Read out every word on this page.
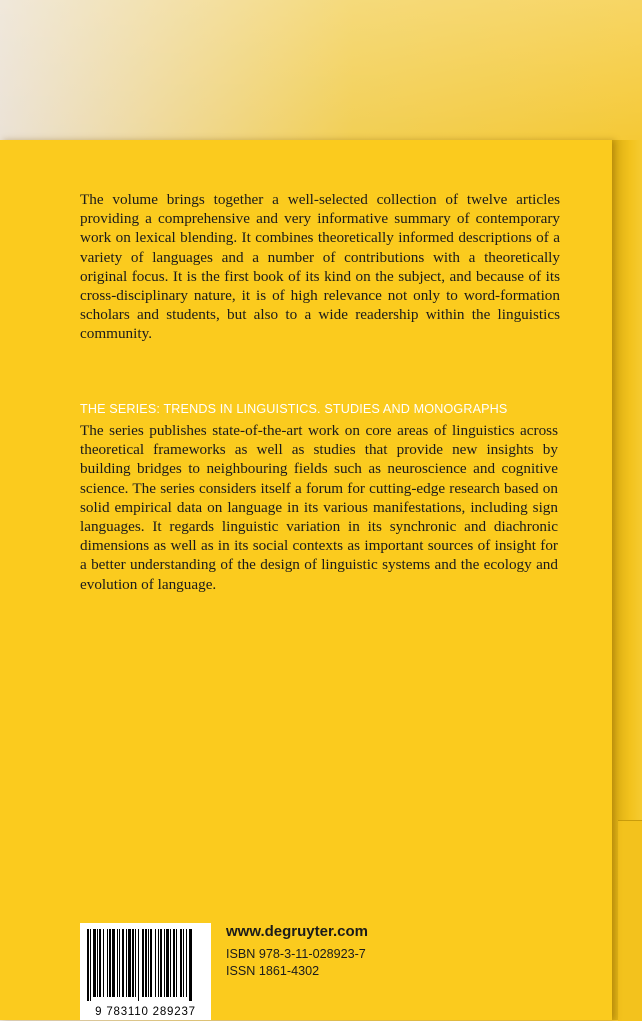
The volume brings together a well-selected collection of twelve articles providing a comprehensive and very informative summary of contemporary work on lexical blending. It combines theoretically informed descriptions of a variety of languages and a number of contributions with a theoretically original focus. It is the first book of its kind on the subject, and because of its cross-disciplinary nature, it is of high relevance not only to word-formation scholars and students, but also to a wide readership within the linguistics community.

THE SERIES: TRENDS IN LINGUISTICS. STUDIES AND MONOGRAPHS

The series publishes state-of-the-art work on core areas of linguistics across theoretical frameworks as well as studies that provide new insights by building bridges to neighbouring fields such as neuroscience and cognitive science. The series considers itself a forum for cutting-edge research based on solid empirical data on language in its various manifestations, including sign languages. It regards linguistic variation in its synchronic and diachronic dimensions as well as in its social contexts as important sources of insight for a better understanding of the design of linguistic systems and the ecology and evolution of language.

9 783110 289237
www.degruyter.com
ISBN 978-3-11-028923-7
ISSN 1861-4302
